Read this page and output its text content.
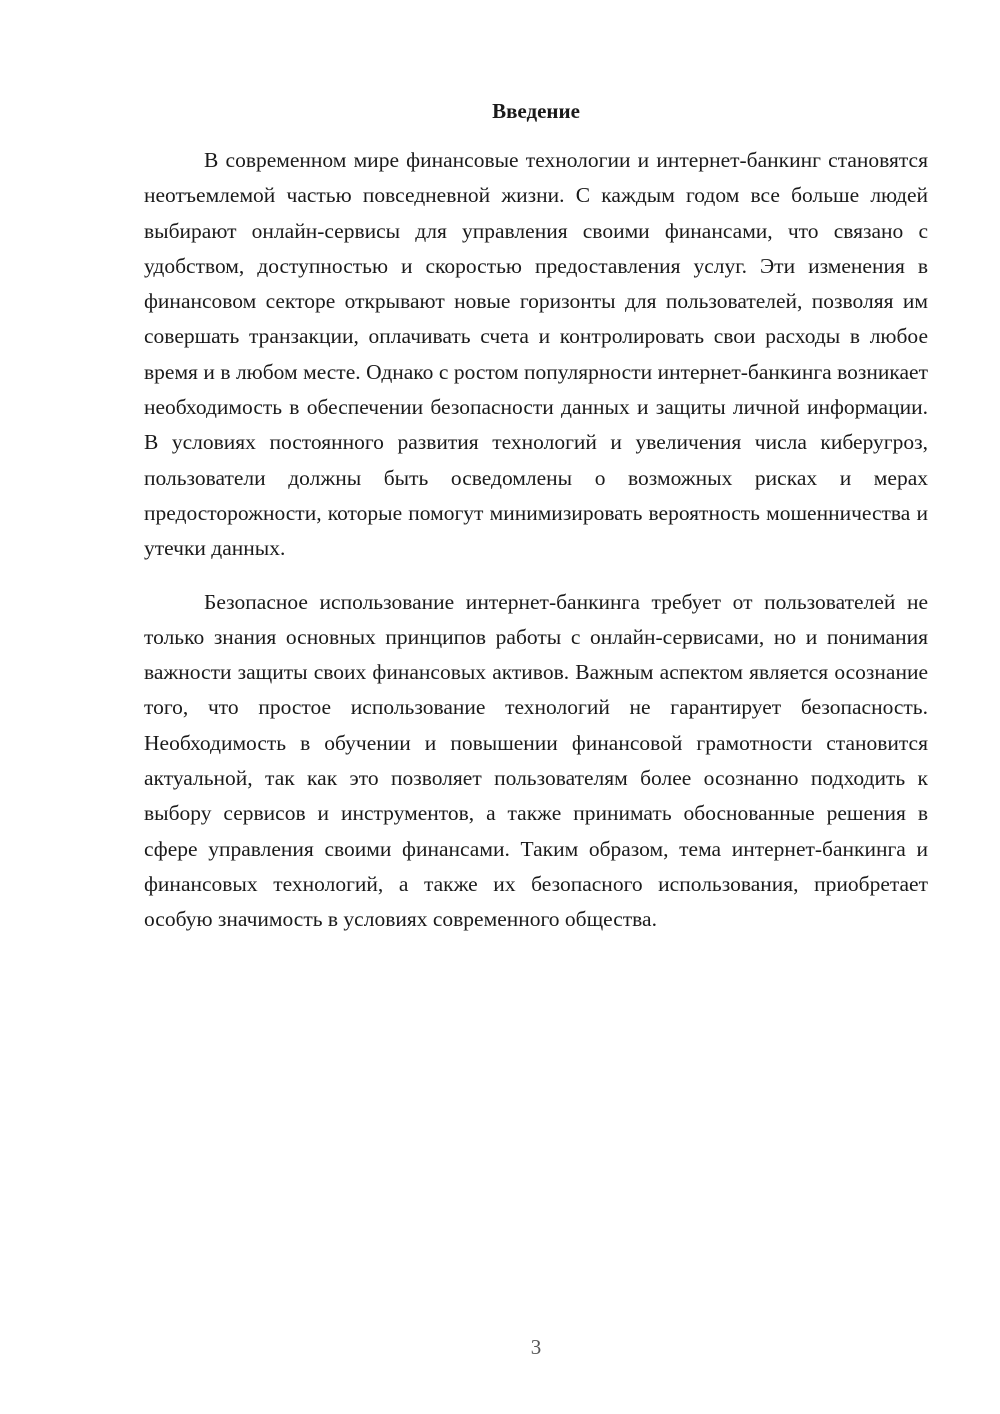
Введение

В современном мире финансовые технологии и интернет-банкинг становятся неотъемлемой частью повседневной жизни. С каждым годом все больше людей выбирают онлайн-сервисы для управления своими финансами, что связано с удобством, доступностью и скоростью предоставления услуг. Эти изменения в финансовом секторе открывают новые горизонты для пользователей, позволяя им совершать транзакции, оплачивать счета и контролировать свои расходы в любое время и в любом месте. Однако с ростом популярности интернет-банкинга возникает необходимость в обеспечении безопасности данных и защиты личной информации. В условиях постоянного развития технологий и увеличения числа киберугроз, пользователи должны быть осведомлены о возможных рисках и мерах предосторожности, которые помогут минимизировать вероятность мошенничества и утечки данных.

Безопасное использование интернет-банкинга требует от пользователей не только знания основных принципов работы с онлайн-сервисами, но и понимания важности защиты своих финансовых активов. Важным аспектом является осознание того, что простое использование технологий не гарантирует безопасность. Необходимость в обучении и повышении финансовой грамотности становится актуальной, так как это позволяет пользователям более осознанно подходить к выбору сервисов и инструментов, а также принимать обоснованные решения в сфере управления своими финансами. Таким образом, тема интернет-банкинга и финансовых технологий, а также их безопасного использования, приобретает особую значимость в условиях современного общества.

3
